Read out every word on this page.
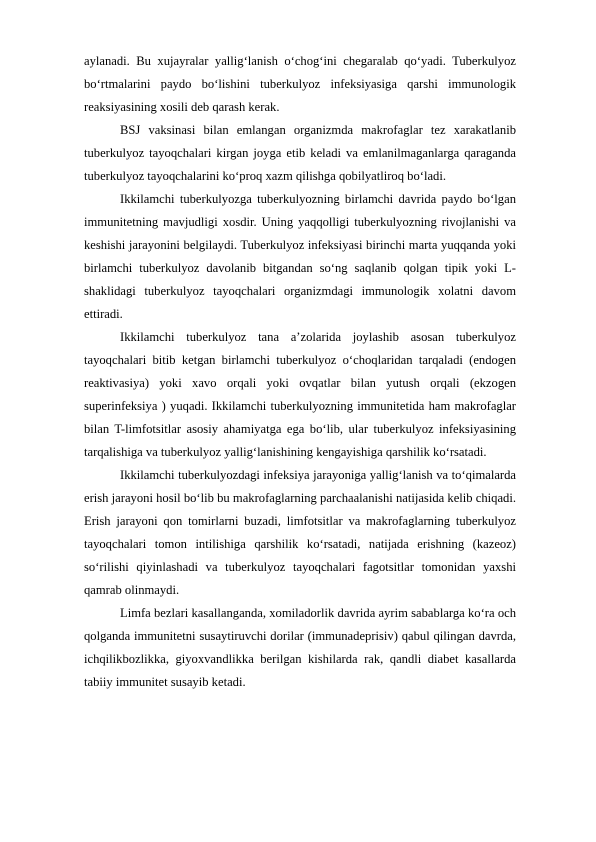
aylanadi. Bu xujayralar yallig‘lanish o‘chog‘ini chegaralab qo‘yadi. Tuberkulyoz bo‘rtmalarini paydo bo‘lishini tuberkulyoz infeksiyasiga qarshi immunologik reaksiyasining xosili deb qarash kerak.

BSJ vaksinasi bilan emlangan organizmda makrofaglar tez xarakatlanib tuberkulyoz tayoqchalari kirgan joyga etib keladi va emlanilmaganlarga qaraganda tuberkulyoz tayoqchalarini ko‘proq xazm qilishga qobilyatliroq bo‘ladi.

Ikkilamchi tuberkulyozga tuberkulyozning birlamchi davrida paydo bo‘lgan immunitetning mavjudligi xosdir. Uning yaqqolligi tuberkulyozning rivojlanishi va keshishi jarayonini belgilaydi. Tuberkulyoz infeksiyasi birinchi marta yuqqanda yoki birlamchi tuberkulyoz davolanib bitgandan so‘ng saqlanib qolgan tipik yoki L-shaklidagi tuberkulyoz tayoqchalari organizmdagi immunologik xolatni davom ettiradi.

Ikkilamchi tuberkulyoz tana a’zolarida joylashib asosan tuberkulyoz tayoqchalari bitib ketgan birlamchi tuberkulyoz o‘choqlaridan tarqaladi (endogen reaktivasiya) yoki xavo orqali yoki ovqatlar bilan yutush orqali (ekzogen superinfeksiya ) yuqadi. Ikkilamchi tuberkulyozning immunitetida ham makrofaglar bilan T-limfotsitlar asosiy ahamiyatga ega bo‘lib, ular tuberkulyoz infeksiyasining tarqalishiga va tuberkulyoz yallig‘lanishining kengayishiga qarshilik ko‘rsatadi.

Ikkilamchi tuberkulyozdagi infeksiya jarayoniga yallig‘lanish va to‘qimalarda erish jarayoni hosil bo‘lib bu makrofaglarning parchaalanishi natijasida kelib chiqadi. Erish jarayoni qon tomirlarni buzadi, limfotsitlar va makrofaglarning tuberkulyoz tayoqchalari tomon intilishiga qarshilik ko‘rsatadi, natijada erishning (kazeoz) so‘rilishi qiyinlashadi va tuberkulyoz tayoqchalari fagotsitlar tomonidan yaxshi qamrab olinmaydi.

Limfa bezlari kasallanganda, xomiladorlik davrida ayrim sabablarga ko‘ra och qolganda immunitetni susaytiruvchi dorilar (immunadeprisiv) qabul qilingan davrda, ichqilikbozlikka, giyoxvandlikka berilgan kishilarda rak, qandli diabet kasallarda tabiiy immunitet susayib ketadi.
